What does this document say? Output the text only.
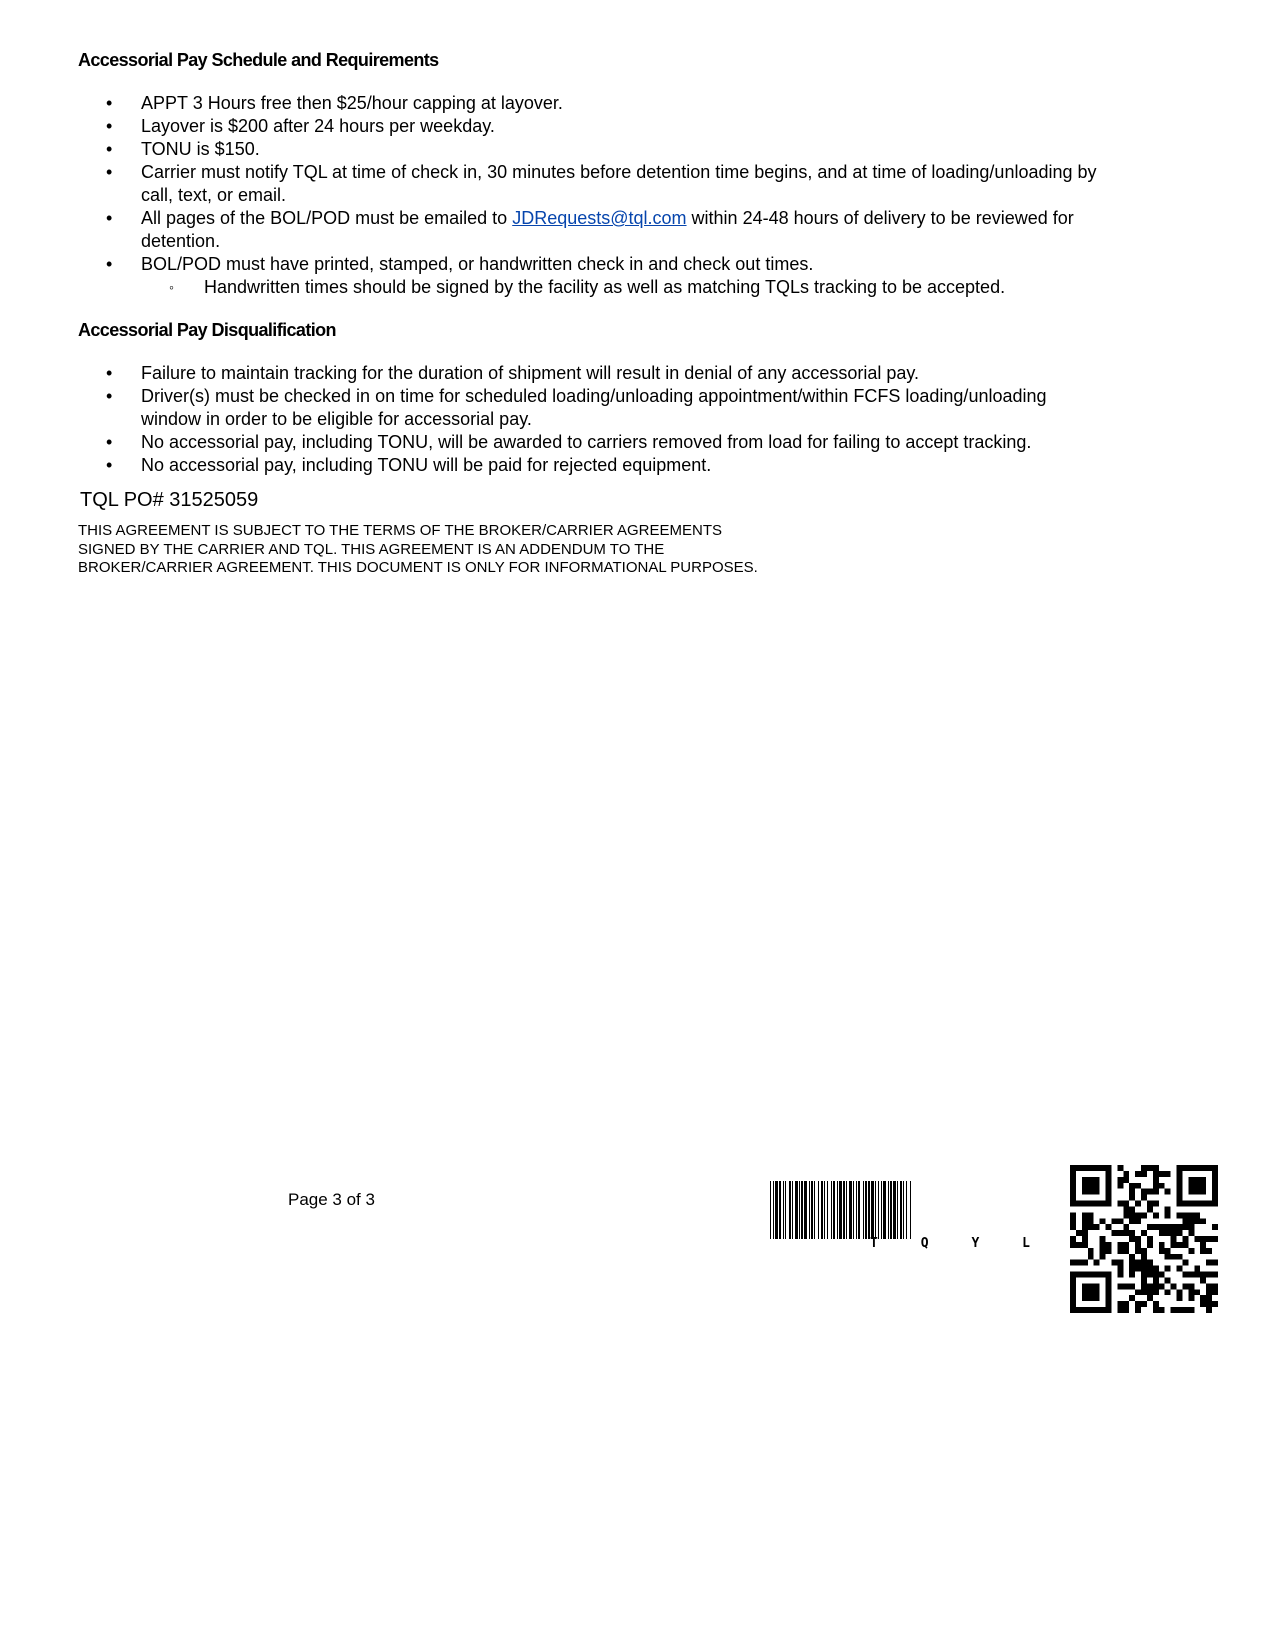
Accessorial Pay Schedule and Requirements
• APPT 3 Hours free then $25/hour capping at layover.
• Layover is $200 after 24 hours per weekday.
• TONU is $150.
• Carrier must notify TQL at time of check in, 30 minutes before detention time begins, and at time of loading/unloading by call, text, or email.
• All pages of the BOL/POD must be emailed to JDRequests@tql.com within 24-48 hours of delivery to be reviewed for detention.
• BOL/POD must have printed, stamped, or handwritten check in and check out times.
◦ Handwritten times should be signed by the facility as well as matching TQLs tracking to be accepted.
Accessorial Pay Disqualification
• Failure to maintain tracking for the duration of shipment will result in denial of any accessorial pay.
• Driver(s) must be checked in on time for scheduled loading/unloading appointment/within FCFS loading/unloading window in order to be eligible for accessorial pay.
• No accessorial pay, including TONU, will be awarded to carriers removed from load for failing to accept tracking.
• No accessorial pay, including TONU will be paid for rejected equipment.

TQL PO# 31525059

THIS AGREEMENT IS SUBJECT TO THE TERMS OF THE BROKER/CARRIER AGREEMENTS SIGNED BY THE CARRIER AND TQL. THIS AGREEMENT IS AN ADDENDUM TO THE BROKER/CARRIER AGREEMENT. THIS DOCUMENT IS ONLY FOR INFORMATIONAL PURPOSES.

Page 3 of 3
T	Q	Y	L
